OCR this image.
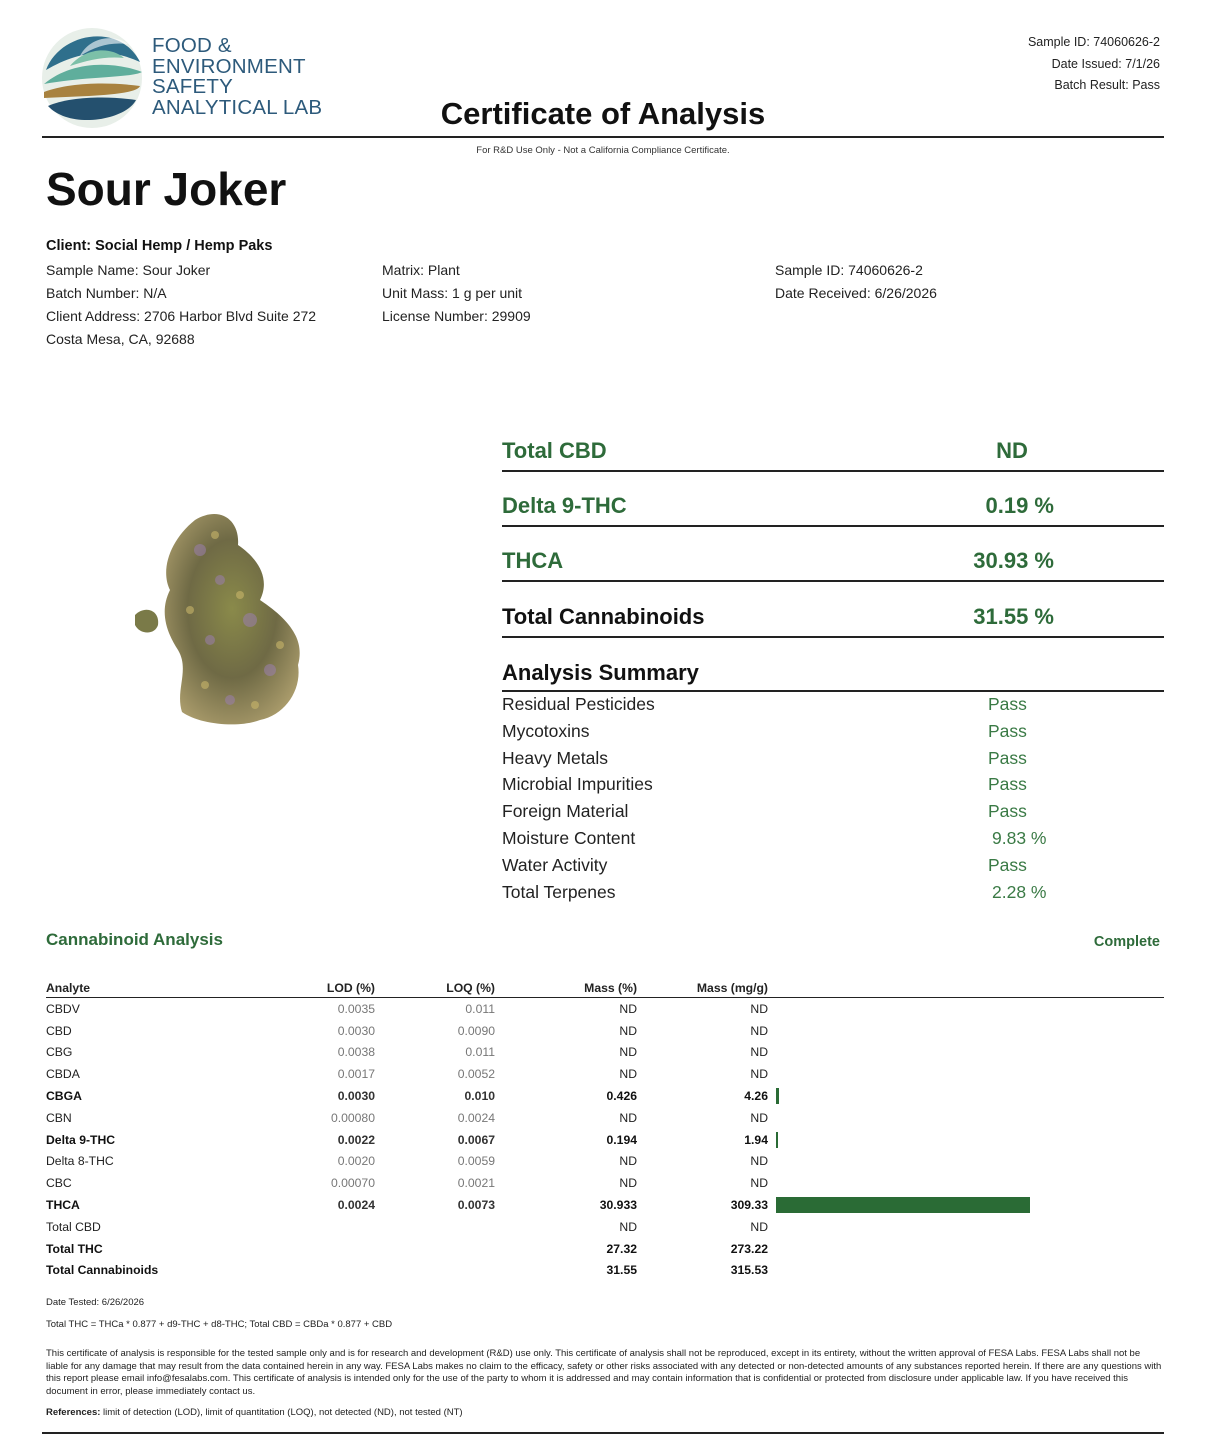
Sample ID: 74060626-2
Date Issued: 7/1/26
Batch Result: Pass
FOOD &
ENVIRONMENT
SAFETY
ANALYTICAL LAB	Certificate of Analysis
For R&D Use Only - Not a California Compliance Certificate.
Sour Joker
Client: Social Hemp / Hemp Paks
Sample Name: Sour Joker
Batch Number: N/A
Client Address: 2706 Harbor Blvd Suite 272
Costa Mesa, CA, 92688
Matrix: Plant
Unit Mass: 1 g per unit
License Number: 29909
Sample ID: 74060626-2
Date Received: 6/26/2026
Total CBD	ND
Delta 9-THC	0.19 %
THCA	30.93 %
Total Cannabinoids	31.55 %
Analysis Summary
Residual Pesticides	Pass
Mycotoxins	Pass
Heavy Metals	Pass
Microbial Impurities	Pass
Foreign Material	Pass
Moisture Content	9.83 %
Water Activity	Pass
Total Terpenes	2.28 %
Cannabinoid Analysis	Complete
Analyte	LOD (%)	LOQ (%)	Mass (%)	Mass (mg/g)	
CBDV	0.0035	0.011	ND	ND	
CBD	0.0030	0.0090	ND	ND	
CBG	0.0038	0.011	ND	ND	
CBDA	0.0017	0.0052	ND	ND	
CBGA	0.0030	0.010	0.426	4.26	
CBN	0.00080	0.0024	ND	ND	
Delta 9-THC	0.0022	0.0067	0.194	1.94	
Delta 8-THC	0.0020	0.0059	ND	ND	
CBC	0.00070	0.0021	ND	ND	
THCA	0.0024	0.0073	30.933	309.33	
Total CBD			ND	ND	
Total THC			27.32	273.22	
Total Cannabinoids			31.55	315.53	
Date Tested: 6/26/2026
Total THC = THCa * 0.877 + d9-THC + d8-THC; Total CBD = CBDa * 0.877 + CBD
This certificate of analysis is responsible for the tested sample only and is for research and development (R&D) use only. This certificate of analysis shall not be reproduced, except in its entirety, without the written approval of FESA Labs. FESA Labs shall not be liable for any damage that may result from the data contained herein in any way. FESA Labs makes no claim to the efficacy, safety or other risks associated with any detected or non-detected amounts of any substances reported herein. If there are any questions with this report please email info@fesalabs.com. This certificate of analysis is intended only for the use of the party to whom it is addressed and may contain information that is confidential or protected from disclosure under applicable law. If you have received this document in error, please immediately contact us.
References: limit of detection (LOD), limit of quantitation (LOQ), not detected (ND), not tested (NT)
